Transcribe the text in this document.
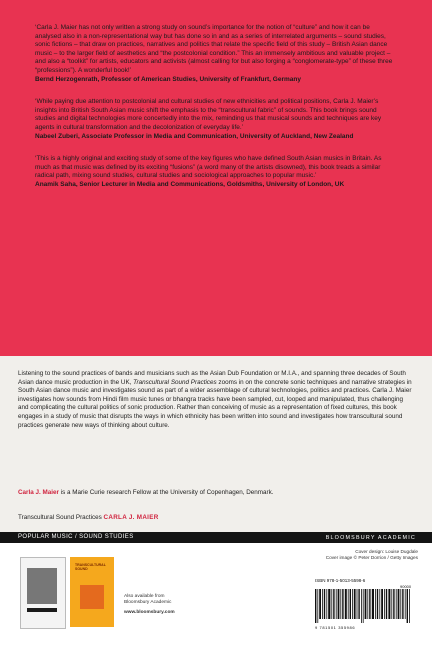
‘Carla J. Maier has not only written a strong study on sound’s importance for the notion of “culture” and how it can be analysed also in a non-representational way but has done so in and as a series of interrelated arguments – sound studies, sonic fictions – that draw on practices, narratives and politics that relate the specific field of this study – British Asian dance music – to the larger field of aesthetics and “the postcolonial condition.” This an immensely ambitious and valuable project – and also a “toolkit” for artists, educators and activists (almost calling for but also forging a “conglomerate-type” of these three “professions”). A wonderful book!’

Bernd Herzogenrath, Professor of American Studies, University of Frankfurt, Germany

‘While paying due attention to postcolonial and cultural studies of new ethnicities and political positions, Carla J. Maier’s insights into British South Asian music shift the emphasis to the “transcultural fabric” of sounds. This book brings sound studies and digital technologies more concertedly into the mix, reminding us that musical sounds and techniques are key agents in cultural transformation and the decolonization of everyday life.’

Nabeel Zuberi, Associate Professor in Media and Communication, University of Auckland, New Zealand

‘This is a highly original and exciting study of some of the key figures who have defined South Asian musics in Britain. As much as that music was defined by its exciting “fusions” (a word many of the artists disowned), this book treads a similar radical path, mixing sound studies, cultural studies and sociological approaches to popular music.’

Anamik Saha, Senior Lecturer in Media and Communications, Goldsmiths, University of London, UK

Listening to the sound practices of bands and musicians such as the Asian Dub Foundation or M.I.A., and spanning three decades of South Asian dance music production in the UK, Transcultural Sound Practices zooms in on the concrete sonic techniques and narrative strategies in South Asian dance music and investigates sound as part of a wider assemblage of cultural technologies, politics and practices. Carla J. Maier investigates how sounds from Hindi film music tunes or bhangra tracks have been sampled, cut, looped and manipulated, thus challenging and complicating the cultural politics of sonic production. Rather than conceiving of music as a representation of fixed cultures, this book engages in a study of music that disrupts the ways in which ethnicity has been written into sound and investigates how transcultural sound practices generate new ways of thinking about culture.

Carla J. Maier is a Marie Curie research Fellow at the University of Copenhagen, Denmark.
Transcultural Sound Practices CARLA J. MAIER
POPULAR MUSIC / SOUND STUDIES	BLOOMSBURY ACADEMIC
TRANSCULTURAL SOUND

Also available from

Bloomsbury Academic

www.bloomsbury.com

Cover design: Louise Dugdale

Cover image © Peter Dorrion / Getty Images

ISBN 978-1-5013-5598-6
90000
9 781501 355986
